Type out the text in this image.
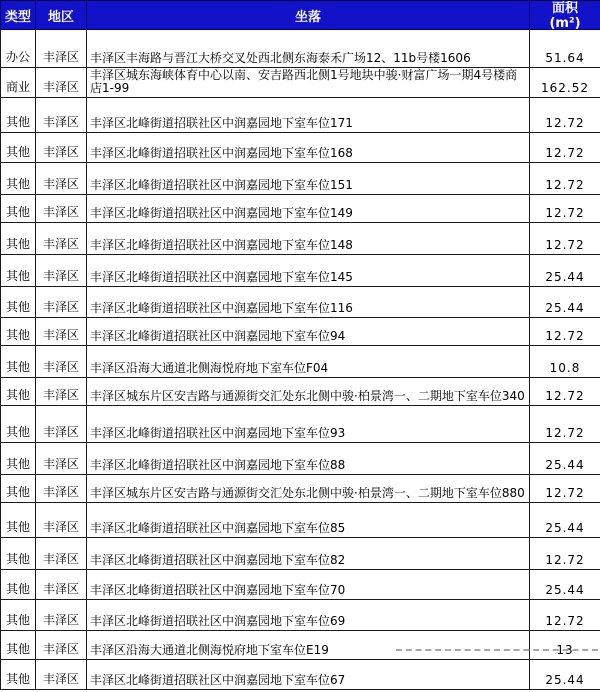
类型	地区	坐落	面积
(m²)

办公	丰泽区	丰泽区丰海路与晋江大桥交叉处西北侧东海泰禾广场12、11b号楼1606	51.64
商业	丰泽区	丰泽区城东海峡体育中心以南、安吉路西北侧1号地块中骏·财富广场一期4号楼商店1-99	162.52
其他	丰泽区	丰泽区北峰街道招联社区中润嘉园地下室车位171	12.72
其他	丰泽区	丰泽区北峰街道招联社区中润嘉园地下室车位168	12.72
其他	丰泽区	丰泽区北峰街道招联社区中润嘉园地下室车位151	12.72
其他	丰泽区	丰泽区北峰街道招联社区中润嘉园地下室车位149	12.72
其他	丰泽区	丰泽区北峰街道招联社区中润嘉园地下室车位148	12.72
其他	丰泽区	丰泽区北峰街道招联社区中润嘉园地下室车位145	25.44
其他	丰泽区	丰泽区北峰街道招联社区中润嘉园地下室车位116	25.44
其他	丰泽区	丰泽区北峰街道招联社区中润嘉园地下室车位94	12.72
其他	丰泽区	丰泽区沿海大通道北侧海悦府地下室车位F04	10.8
其他	丰泽区	丰泽区城东片区安吉路与通源街交汇处东北侧中骏·柏景湾一、二期地下室车位340	12.72
其他	丰泽区	丰泽区北峰街道招联社区中润嘉园地下室车位93	12.72
其他	丰泽区	丰泽区北峰街道招联社区中润嘉园地下室车位88	25.44
其他	丰泽区	丰泽区城东片区安吉路与通源街交汇处东北侧中骏·柏景湾一、二期地下室车位880	12.72
其他	丰泽区	丰泽区北峰街道招联社区中润嘉园地下室车位85	25.44
其他	丰泽区	丰泽区北峰街道招联社区中润嘉园地下室车位82	12.72
其他	丰泽区	丰泽区北峰街道招联社区中润嘉园地下室车位70	25.44
其他	丰泽区	丰泽区北峰街道招联社区中润嘉园地下室车位69	12.72
其他	丰泽区	丰泽区沿海大通道北侧海悦府地下室车位E19	13
其他	丰泽区	丰泽区北峰街道招联社区中润嘉园地下室车位67	25.44
